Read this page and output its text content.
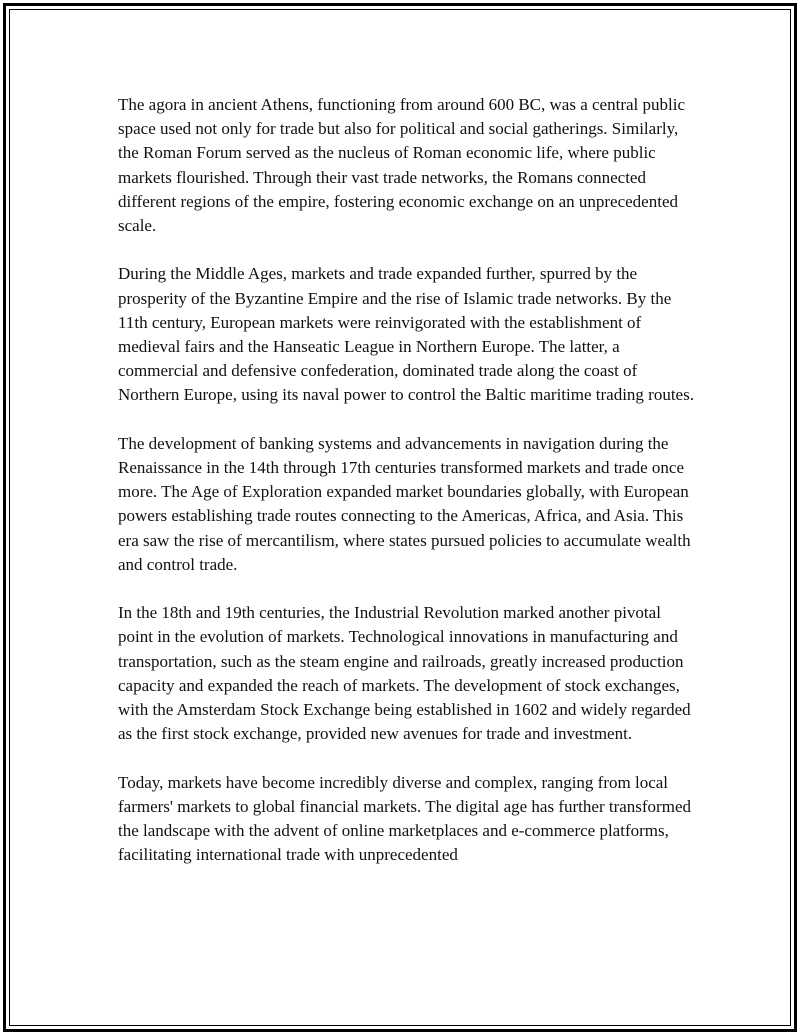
The agora in ancient Athens, functioning from around 600 BC, was a central public space used not only for trade but also for political and social gatherings. Similarly, the Roman Forum served as the nucleus of Roman economic life, where public markets flourished. Through their vast trade networks, the Romans connected different regions of the empire, fostering economic exchange on an unprecedented scale.

During the Middle Ages, markets and trade expanded further, spurred by the prosperity of the Byzantine Empire and the rise of Islamic trade networks. By the 11th century, European markets were reinvigorated with the establishment of medieval fairs and the Hanseatic League in Northern Europe. The latter, a commercial and defensive confederation, dominated trade along the coast of Northern Europe, using its naval power to control the Baltic maritime trading routes.

The development of banking systems and advancements in navigation during the Renaissance in the 14th through 17th centuries transformed markets and trade once more. The Age of Exploration expanded market boundaries globally, with European powers establishing trade routes connecting to the Americas, Africa, and Asia. This era saw the rise of mercantilism, where states pursued policies to accumulate wealth and control trade.

In the 18th and 19th centuries, the Industrial Revolution marked another pivotal point in the evolution of markets. Technological innovations in manufacturing and transportation, such as the steam engine and railroads, greatly increased production capacity and expanded the reach of markets. The development of stock exchanges, with the Amsterdam Stock Exchange being established in 1602 and widely regarded as the first stock exchange, provided new avenues for trade and investment.

Today, markets have become incredibly diverse and complex, ranging from local farmers' markets to global financial markets. The digital age has further transformed the landscape with the advent of online marketplaces and e-commerce platforms, facilitating international trade with unprecedented
